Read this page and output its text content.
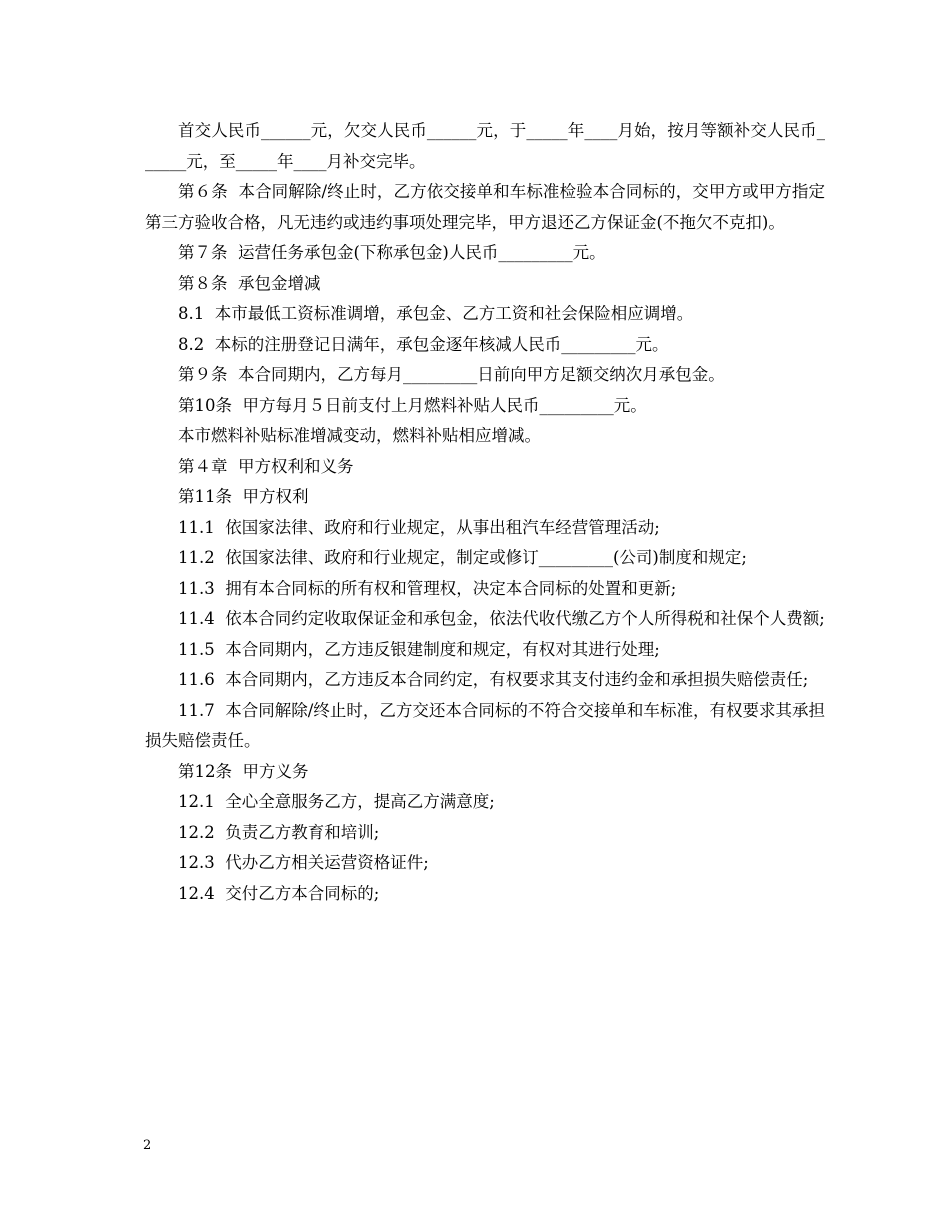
首交人民币______元，欠交人民币______元，于_____年____月始，按月等额补交人民币______元，至_____年____月补交完毕。

第６条  本合同解除/终止时，乙方依交接单和车标准检验本合同标的，交甲方或甲方指定第三方验收合格，凡无违约或违约事项处理完毕，甲方退还乙方保证金(不拖欠不克扣)。

第７条  运营任务承包金(下称承包金)人民币_________元。

第８条  承包金增减

8.1  本市最低工资标准调增，承包金、乙方工资和社会保险相应调增。

8.2  本标的注册登记日满年，承包金逐年核减人民币_________元。

第９条  本合同期内，乙方每月_________日前向甲方足额交纳次月承包金。

第10条  甲方每月５日前支付上月燃料补贴人民币_________元。

本市燃料补贴标准增减变动，燃料补贴相应增减。

第４章  甲方权利和义务

第11条  甲方权利

11.1  依国家法律、政府和行业规定，从事出租汽车经营管理活动;

11.2  依国家法律、政府和行业规定，制定或修订_________(公司)制度和规定;

11.3  拥有本合同标的所有权和管理权，决定本合同标的处置和更新;

11.4  依本合同约定收取保证金和承包金，依法代收代缴乙方个人所得税和社保个人费额;

11.5  本合同期内，乙方违反银建制度和规定，有权对其进行处理;

11.6  本合同期内，乙方违反本合同约定，有权要求其支付违约金和承担损失赔偿责任;

11.7  本合同解除/终止时，乙方交还本合同标的不符合交接单和车标准，有权要求其承担损失赔偿责任。

第12条  甲方义务

12.1  全心全意服务乙方，提高乙方满意度;

12.2  负责乙方教育和培训;

12.3  代办乙方相关运营资格证件;

12.4  交付乙方本合同标的;

2
